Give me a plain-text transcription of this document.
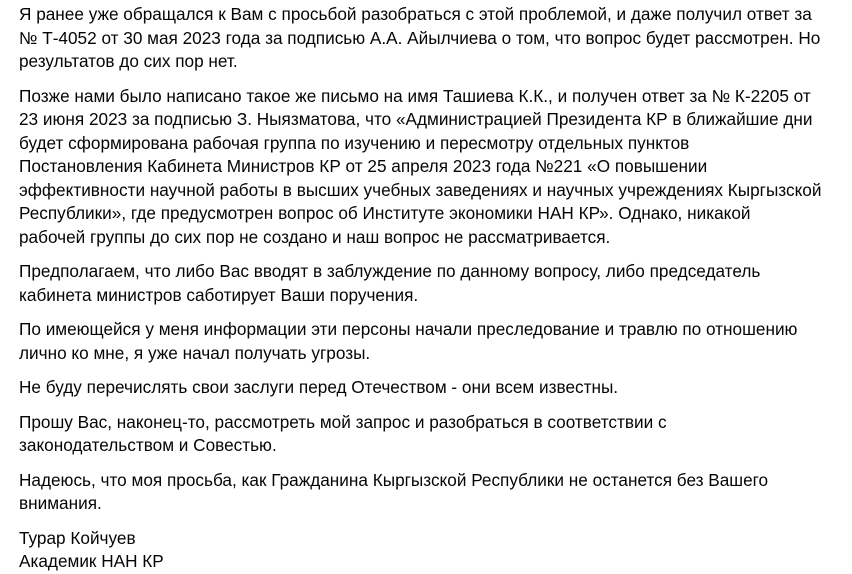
Я ранее уже обращался к Вам с просьбой разобраться с этой проблемой, и даже получил ответ за
№ Т-4052 от 30 мая 2023 года за подписью А.А. Айылчиева о том, что вопрос будет рассмотрен. Но
результатов до сих пор нет.
Позже нами было написано такое же письмо на имя Ташиева К.К., и получен ответ за № К-2205 от
23 июня 2023 за подписью З. Ныязматова, что «Администрацией Президента КР в ближайшие дни
будет сформирована рабочая группа по изучению и пересмотру отдельных пунктов
Постановления Кабинета Министров КР от 25 апреля 2023 года №221 «О повышении
эффективности научной работы в высших учебных заведениях и научных учреждениях Кыргызской
Республики», где предусмотрен вопрос об Институте экономики НАН КР». Однако, никакой
рабочей группы до сих пор не создано и наш вопрос не рассматривается.
Предполагаем, что либо Вас вводят в заблуждение по данному вопросу, либо председатель
кабинета министров саботирует Ваши поручения.
По имеющейся у меня информации эти персоны начали преследование и травлю по отношению
лично ко мне, я уже начал получать угрозы.
Не буду перечислять свои заслуги перед Отечеством - они всем известны.
Прошу Вас, наконец-то, рассмотреть мой запрос и разобраться в соответствии с
законодательством и Совестью.
Надеюсь, что моя просьба, как Гражданина Кыргызской Республики не останется без Вашего
внимания.
Турар Койчуев
Академик НАН КР
